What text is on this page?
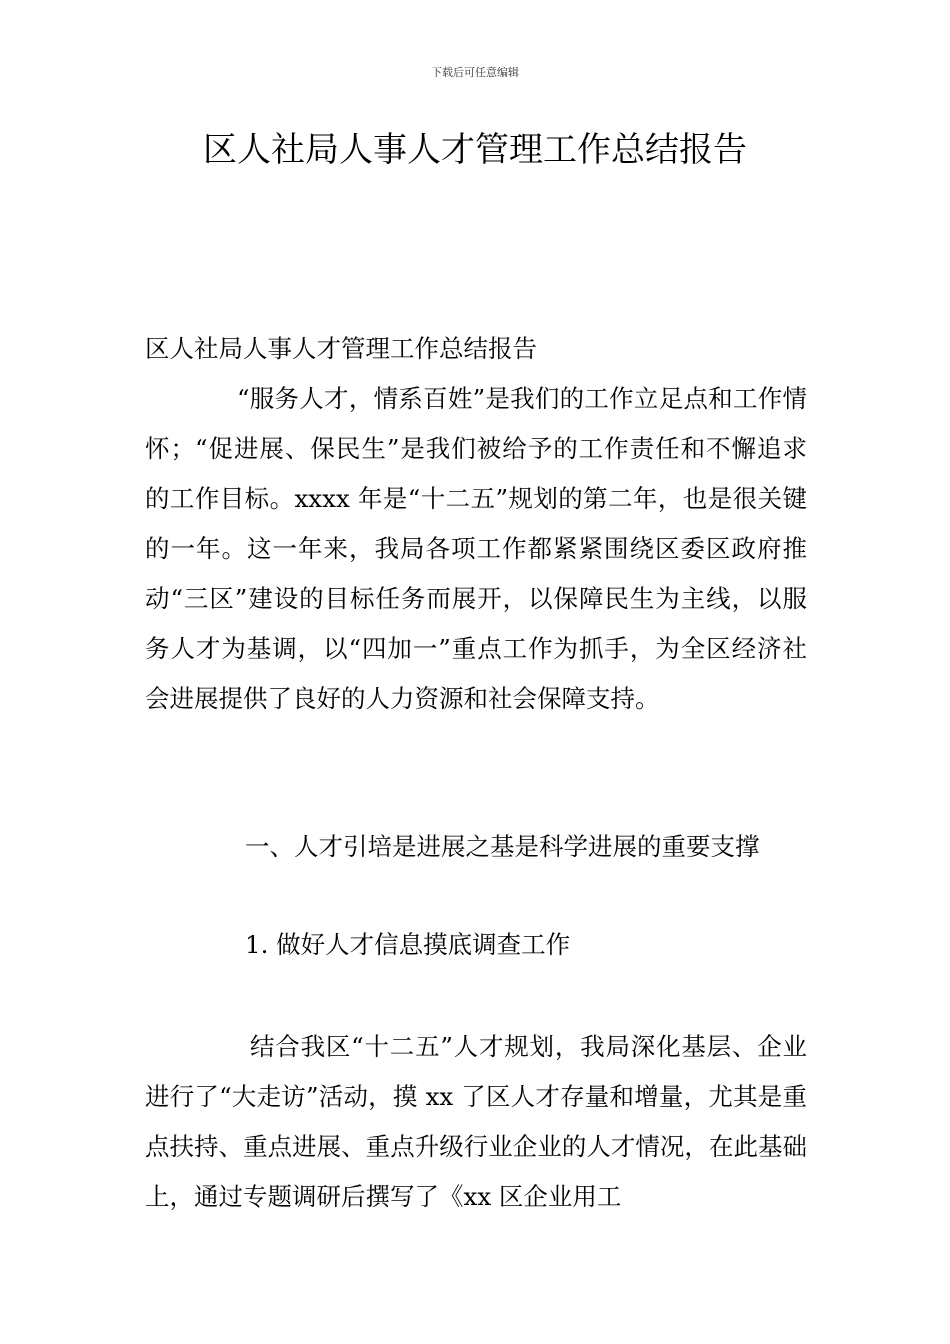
下载后可任意编辑
区人社局人事人才管理工作总结报告

区人社局人事人才管理工作总结报告

“服务人才，情系百姓”是我们的工作立足点和工作情怀；“促进展、保民生”是我们被给予的工作责任和不懈追求的工作目标。xxxx 年是“十二五”规划的第二年，也是很关键的一年。这一年来，我局各项工作都紧紧围绕区委区政府推动“三区”建设的目标任务而展开，以保障民生为主线，以服务人才为基调，以“四加一”重点工作为抓手，为全区经济社会进展提供了良好的人力资源和社会保障支持。

一、人才引培是进展之基是科学进展的重要支撑

1. 做好人才信息摸底调查工作

结合我区“十二五”人才规划，我局深化基层、企业进行了“大走访”活动，摸 xx 了区人才存量和增量，尤其是重点扶持、重点进展、重点升级行业企业的人才情况，在此基础上，通过专题调研后撰写了《xx 区企业用工
